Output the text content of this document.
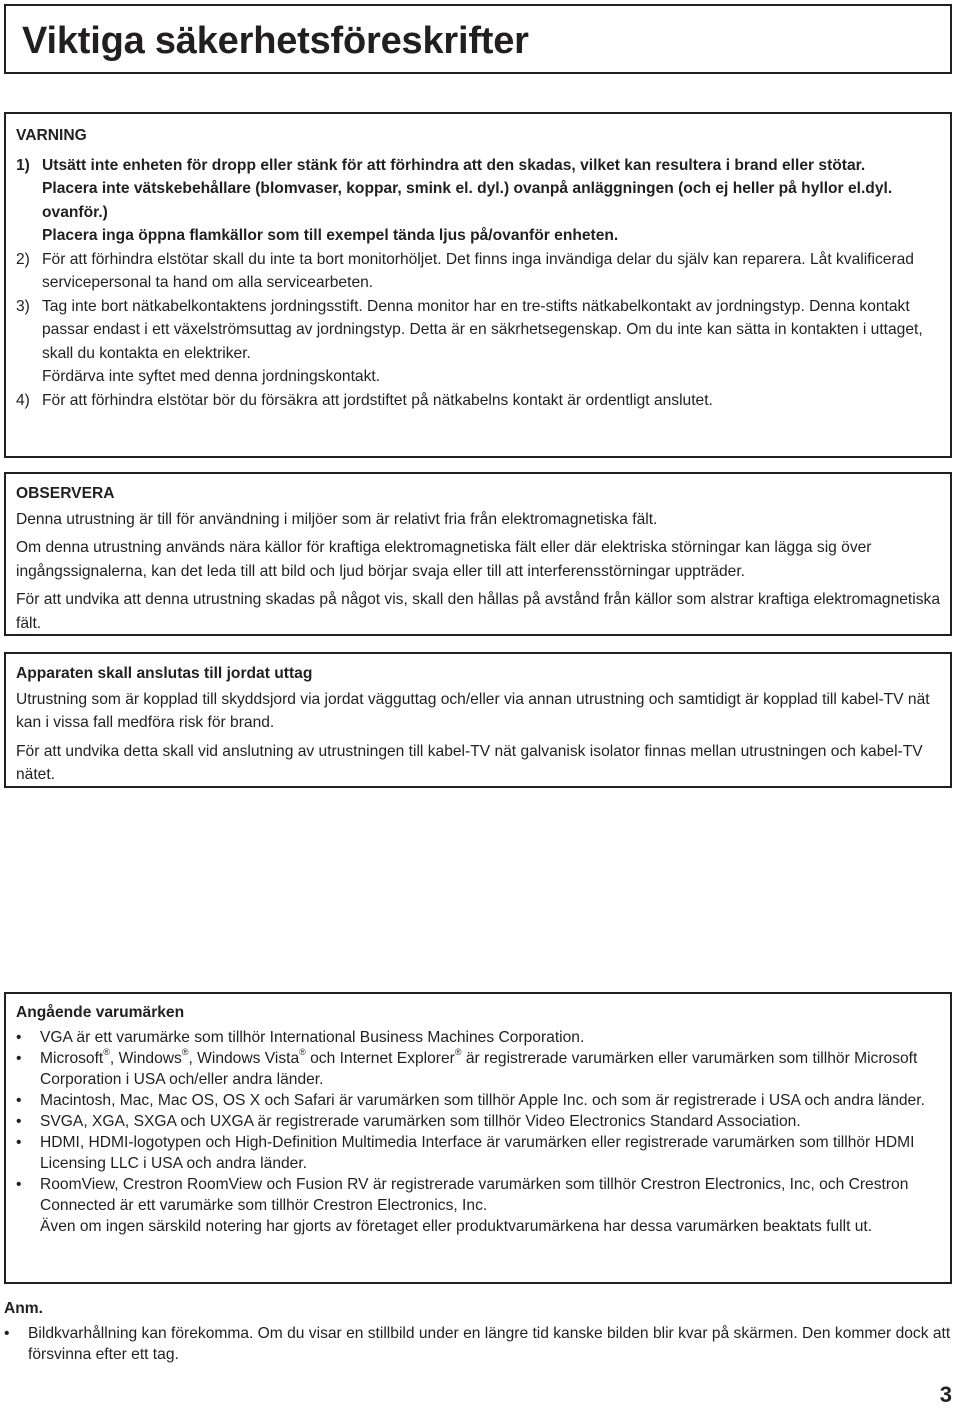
Viktiga säkerhetsföreskrifter

VARNING

1) Utsätt inte enheten för dropp eller stänk för att förhindra att den skadas, vilket kan resultera i brand eller stötar.
Placera inte vätskebehållare (blomvaser, koppar, smink el. dyl.) ovanpå anläggningen (och ej heller på hyllor el.dyl. ovanför.)
Placera inga öppna flamkällor som till exempel tända ljus på/ovanför enheten.
2) För att förhindra elstötar skall du inte ta bort monitorhöljet. Det finns inga invändiga delar du själv kan reparera. Låt kvalificerad servicepersonal ta hand om alla servicearbeten.
3) Tag inte bort nätkabelkontaktens jordningsstift. Denna monitor har en tre-stifts nätkabelkontakt av jordningstyp. Denna kontakt passar endast i ett växelströmsuttag av jordningstyp. Detta är en säkrhetsegenskap. Om du inte kan sätta in kontakten i uttaget, skall du kontakta en elektriker.
Fördärva inte syftet med denna jordningskontakt.
4) För att förhindra elstötar bör du försäkra att jordstiftet på nätkabelns kontakt är ordentligt anslutet.

OBSERVERA

Denna utrustning är till för användning i miljöer som är relativt fria från elektromagnetiska fält.

Om denna utrustning används nära källor för kraftiga elektromagnetiska fält eller där elektriska störningar kan lägga sig över ingångssignalerna, kan det leda till att bild och ljud börjar svaja eller till att interferensstörningar uppträder.

För att undvika att denna utrustning skadas på något vis, skall den hållas på avstånd från källor som alstrar kraftiga elektromagnetiska fält.

Apparaten skall anslutas till jordat uttag

Utrustning som är kopplad till skyddsjord via jordat vägguttag och/eller via annan utrustning och samtidigt är kopplad till kabel-TV nät kan i vissa fall medföra risk för brand.

För att undvika detta skall vid anslutning av utrustningen till kabel-TV nät galvanisk isolator finnas mellan utrustningen och kabel-TV nätet.

Angående varumärken

•	VGA är ett varumärke som tillhör International Business Machines Corporation.
•	Microsoft®, Windows®, Windows Vista® och Internet Explorer® är registrerade varumärken eller varumärken som tillhör Microsoft Corporation i USA och/eller andra länder.
•	Macintosh, Mac, Mac OS, OS X och Safari är varumärken som tillhör Apple Inc. och som är registrerade i USA och andra länder.
•	SVGA, XGA, SXGA och UXGA är registrerade varumärken som tillhör Video Electronics Standard Association.
•	HDMI, HDMI-logotypen och High-Definition Multimedia Interface är varumärken eller registrerade varumärken som tillhör HDMI Licensing LLC i USA och andra länder.
•	RoomView, Crestron RoomView och Fusion RV är registrerade varumärken som tillhör Crestron Electronics, Inc, och Crestron Connected är ett varumärke som tillhör Crestron Electronics, Inc.
Även om ingen särskild notering har gjorts av företaget eller produktvarumärkena har dessa varumärken beaktats fullt ut.

Anm.

•	Bildkvarhållning kan förekomma. Om du visar en stillbild under en längre tid kanske bilden blir kvar på skärmen. Den kommer dock att försvinna efter ett tag.
3
